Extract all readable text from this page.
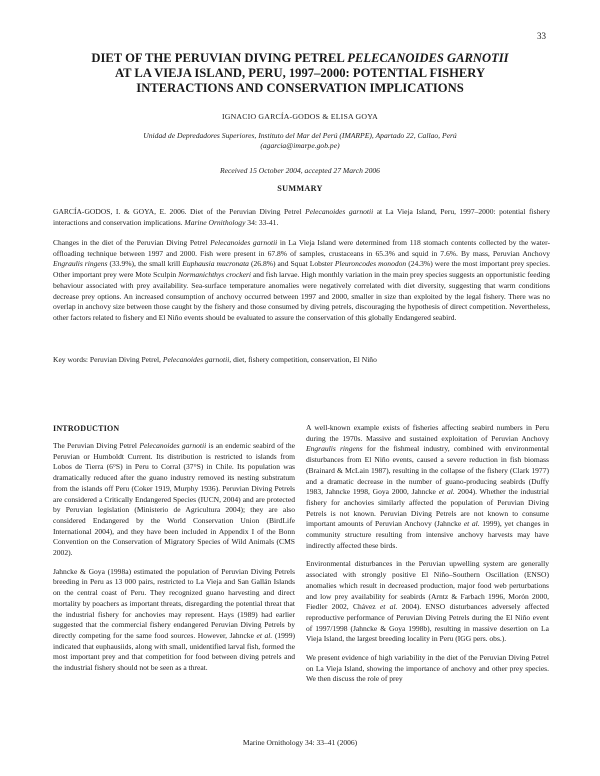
33
DIET OF THE PERUVIAN DIVING PETREL PELECANOIDES GARNOTII
AT LA VIEJA ISLAND, PERU, 1997–2000: POTENTIAL FISHERY
INTERACTIONS AND CONSERVATION IMPLICATIONS
IGNACIO GARCÍA-GODOS & ELISA GOYA
Unidad de Depredadores Superiores, Instituto del Mar del Perú (IMARPE), Apartado 22, Callao, Perú
(agarcia@imarpe.gob.pe)
Received 15 October 2004, accepted 27 March 2006
SUMMARY
GARCÍA-GODOS, I. & GOYA, E. 2006. Diet of the Peruvian Diving Petrel Pelecanoides garnotii at La Vieja Island, Peru, 1997–2000: potential fishery interactions and conservation implications. Marine Ornithology 34: 33-41.
Changes in the diet of the Peruvian Diving Petrel Pelecanoides garnotii in La Vieja Island were determined from 118 stomach contents collected by the water-offloading technique between 1997 and 2000. Fish were present in 67.8% of samples, crustaceans in 65.3% and squid in 7.6%. By mass, Peruvian Anchovy Engraulis ringens (33.9%), the small krill Euphausia mucronata (26.8%) and Squat Lobster Pleuroncodes monodon (24.3%) were the most important prey species. Other important prey were Mote Sculpin Normanichthys crockeri and fish larvae. High monthly variation in the main prey species suggests an opportunistic feeding behaviour associated with prey availability. Sea-surface temperature anomalies were negatively correlated with diet diversity, suggesting that warm conditions decrease prey options. An increased consumption of anchovy occurred between 1997 and 2000, smaller in size than exploited by the legal fishery. There was no overlap in anchovy size between those caught by the fishery and those consumed by diving petrels, discouraging the hypothesis of direct competition. Nevertheless, other factors related to fishery and El Niño events should be evaluated to assure the conservation of this globally Endangered seabird.
Key words: Peruvian Diving Petrel, Pelecanoides garnotii, diet, fishery competition, conservation, El Niño
INTRODUCTION
The Peruvian Diving Petrel Pelecanoides garnotii is an endemic seabird of the Peruvian or Humboldt Current. Its distribution is restricted to islands from Lobos de Tierra (6°S) in Peru to Corral (37°S) in Chile. Its population was dramatically reduced after the guano industry removed its nesting substratum from the islands off Peru (Coker 1919, Murphy 1936). Peruvian Diving Petrels are considered a Critically Endangered Species (IUCN, 2004) and are protected by Peruvian legislation (Ministerio de Agricultura 2004); they are also considered Endangered by the World Conservation Union (BirdLife International 2004), and they have been included in Appendix I of the Bonn Convention on the Conservation of Migratory Species of Wild Animals (CMS 2002).
Jahncke & Goya (1998a) estimated the population of Peruvian Diving Petrels breeding in Peru as 13 000 pairs, restricted to La Vieja and San Gallán Islands on the central coast of Peru. They recognized guano harvesting and direct mortality by poachers as important threats, disregarding the potential threat that the industrial fishery for anchovies may represent. Hays (1989) had earlier suggested that the commercial fishery endangered Peruvian Diving Petrels by directly competing for the same food sources. However, Jahncke et al. (1999) indicated that euphausiids, along with small, unidentified larval fish, formed the most important prey and that competition for food between diving petrels and the industrial fishery should not be seen as a threat.
A well-known example exists of fisheries affecting seabird numbers in Peru during the 1970s. Massive and sustained exploitation of Peruvian Anchovy Engraulis ringens for the fishmeal industry, combined with environmental disturbances from El Niño events, caused a severe reduction in fish biomass (Brainard & McLain 1987), resulting in the collapse of the fishery (Clark 1977) and a dramatic decrease in the number of guano-producing seabirds (Duffy 1983, Jahncke 1998, Goya 2000, Jahncke et al. 2004). Whether the industrial fishery for anchovies similarly affected the population of Peruvian Diving Petrels is not known. Peruvian Diving Petrels are not known to consume important amounts of Peruvian Anchovy (Jahncke et al. 1999), yet changes in community structure resulting from intensive anchovy harvests may have indirectly affected these birds.
Environmental disturbances in the Peruvian upwelling system are generally associated with strongly positive El Niño–Southern Oscillation (ENSO) anomalies which result in decreased production, major food web perturbations and low prey availability for seabirds (Arntz & Farbach 1996, Morón 2000, Fiedler 2002, Chávez et al. 2004). ENSO disturbances adversely affected reproductive performance of Peruvian Diving Petrels during the El Niño event of 1997/1998 (Jahncke & Goya 1998b), resulting in massive desertion on La Vieja Island, the largest breeding locality in Peru (IGG pers. obs.).
We present evidence of high variability in the diet of the Peruvian Diving Petrel on La Vieja Island, showing the importance of anchovy and other prey species. We then discuss the role of prey
Marine Ornithology 34: 33–41 (2006)
